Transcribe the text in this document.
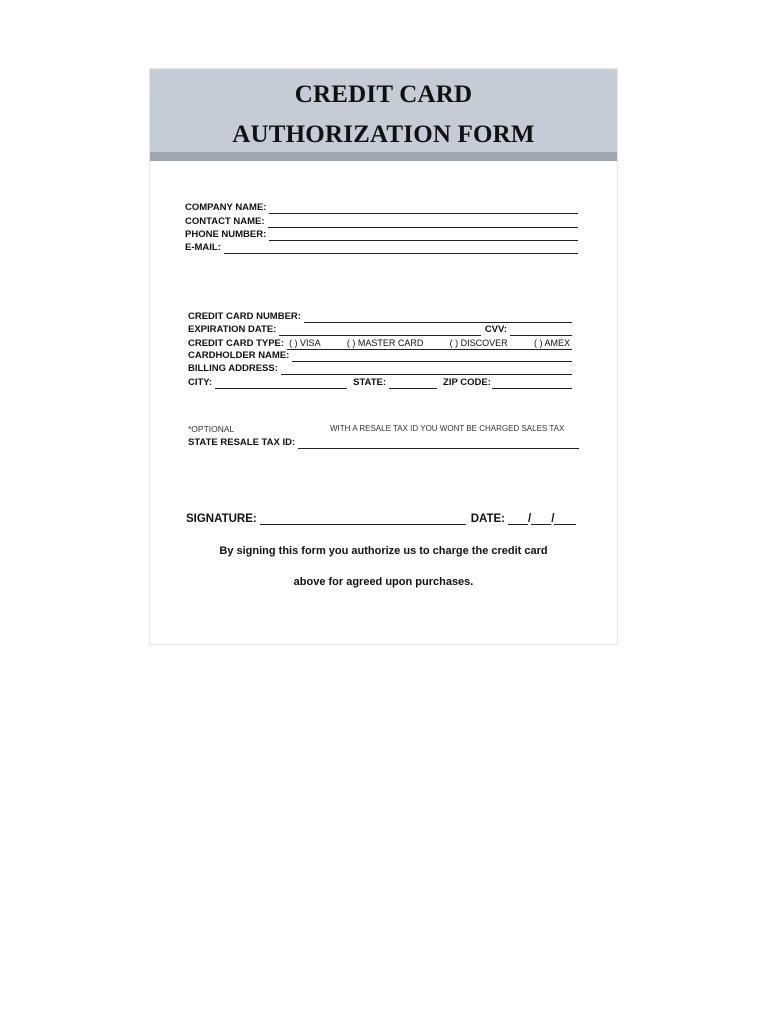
CREDIT CARD
AUTHORIZATION FORM
COMPANY NAME:
CONTACT NAME:
PHONE NUMBER:
E-MAIL:
CREDIT CARD NUMBER:
EXPIRATION DATE:	CVV:
CREDIT CARD TYPE: ( ) VISA	( ) MASTER CARD	( ) DISCOVER	( ) AMEX
CARDHOLDER NAME:
BILLING ADDRESS:
CITY:	STATE:	ZIP CODE:
*OPTIONAL	WITH A RESALE TAX ID YOU WONT BE CHARGED SALES TAX
STATE RESALE TAX ID:
SIGNATURE:	DATE: / /
By signing this form you authorize us to charge the credit card
above for agreed upon purchases.
